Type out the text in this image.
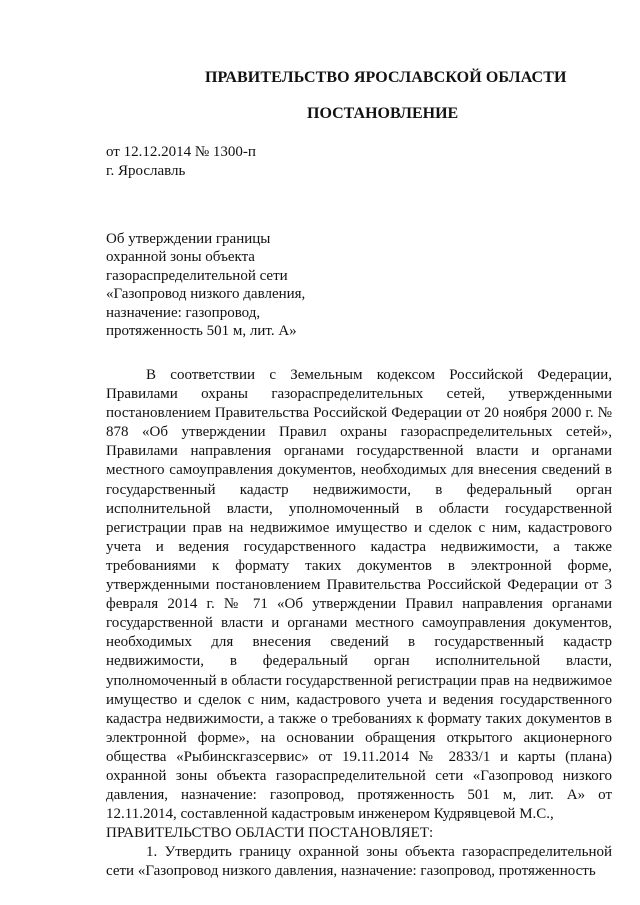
ПРАВИТЕЛЬСТВО ЯРОСЛАВСКОЙ ОБЛАСТИ
ПОСТАНОВЛЕНИЕ
от 12.12.2014 № 1300-п
г. Ярославль
Об утверждении границы
охранной зоны объекта
газораспределительной сети
«Газопровод низкого давления,
назначение: газопровод,
протяженность 501 м, лит. А»

В соответствии с Земельным кодексом Российской Федерации, Правилами охраны газораспределительных сетей, утвержденными постановлением Правительства Российской Федерации от 20 ноября 2000 г. № 878 «Об утверждении Правил охраны газораспределительных сетей», Правилами направления органами государственной власти и органами местного самоуправления документов, необходимых для внесения сведений в государственный кадастр недвижимости, в федеральный орган исполнительной власти, уполномоченный в области государственной регистрации прав на недвижимое имущество и сделок с ним, кадастрового учета и ведения государственного кадастра недвижимости, а также требованиями к формату таких документов в электронной форме, утвержденными постановлением Правительства Российской Федерации от 3 февраля 2014 г. № 71 «Об утверждении Правил направления органами государственной власти и органами местного самоуправления документов, необходимых для внесения сведений в государственный кадастр недвижимости, в федеральный орган исполнительной власти, уполномоченный в области государственной регистрации прав на недвижимое имущество и сделок с ним, кадастрового учета и ведения государственного кадастра недвижимости, а также о требованиях к формату таких документов в электронной форме», на основании обращения открытого акционерного общества «Рыбинскгазсервис» от 19.11.2014 № 2833/1 и карты (плана) охранной зоны объекта газораспределительной сети «Газопровод низкого давления, назначение: газопровод, протяженность 501 м, лит. А» от 12.11.2014, составленной кадастровым инженером Кудрявцевой М.С.,

ПРАВИТЕЛЬСТВО ОБЛАСТИ ПОСТАНОВЛЯЕТ:

1. Утвердить границу охранной зоны объекта газораспределительной сети «Газопровод низкого давления, назначение: газопровод, протяженность
